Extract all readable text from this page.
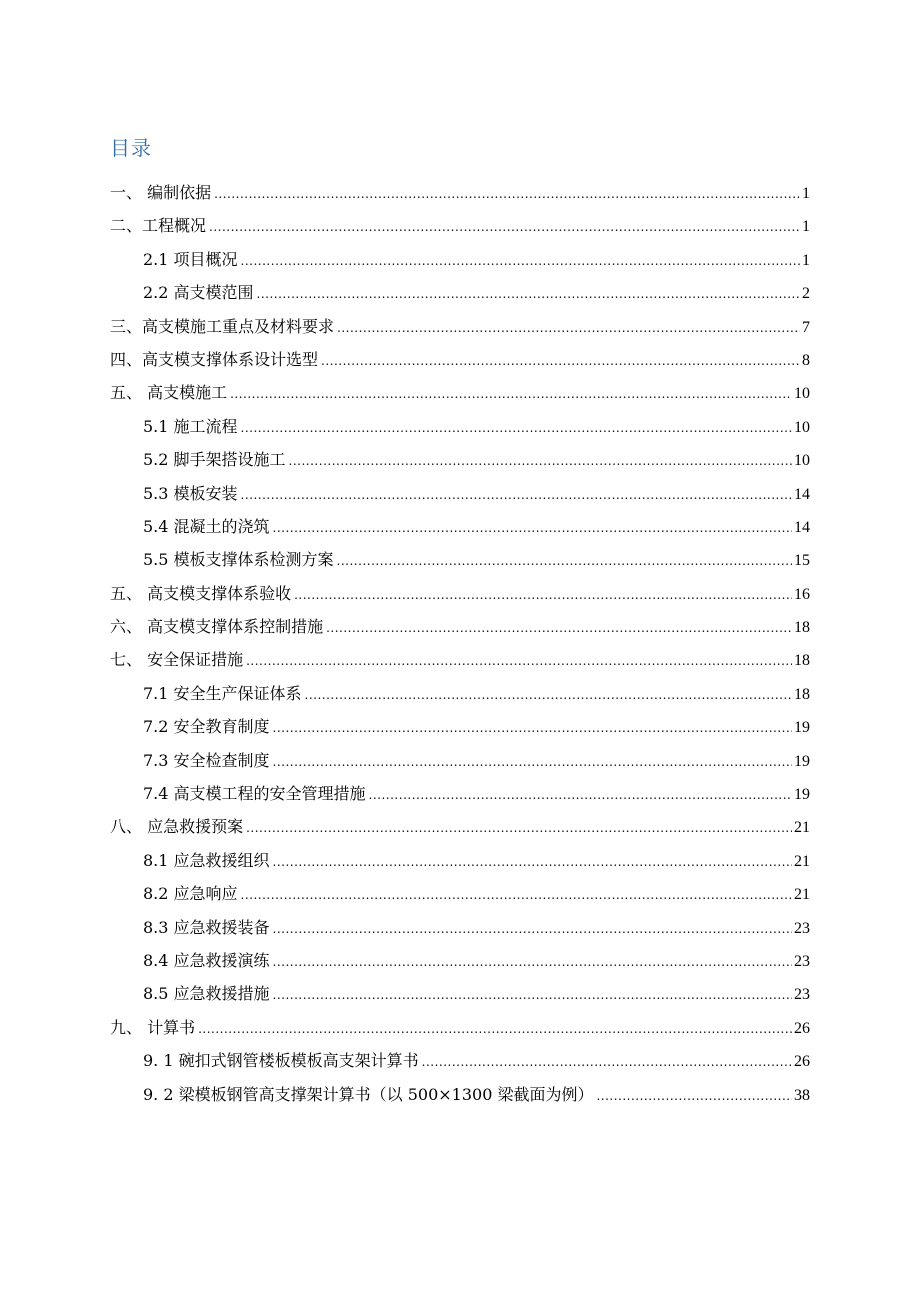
目录
一、 编制依据 .....	1
二、工程概况 .....	1
2.1 项目概况 .....	1
2.2 高支模范围 .....	2
三、高支模施工重点及材料要求 .....	7
四、高支模支撑体系设计选型 .....	8
五、 高支模施工 .....	10
5.1 施工流程 .....	10
5.2 脚手架搭设施工 .....	10
5.3 模板安装 .....	14
5.4 混凝土的浇筑 .....	14
5.5 模板支撑体系检测方案 .....	15
五、 高支模支撑体系验收 .....	16
六、 高支模支撑体系控制措施 .....	18
七、 安全保证措施 .....	18
7.1 安全生产保证体系 .....	18
7.2 安全教育制度 .....	19
7.3 安全检查制度 .....	19
7.4 高支模工程的安全管理措施 .....	19
八、 应急救援预案 .....	21
8.1 应急救援组织 .....	21
8.2 应急响应 .....	21
8.3 应急救援装备 .....	23
8.4 应急救援演练 .....	23
8.5 应急救援措施 .....	23
九、 计算书 .....	26
9. 1 碗扣式钢管楼板模板高支架计算书 .....	26
9. 2 梁模板钢管高支撑架计算书（以 500×1300 梁截面为例） .....	38
